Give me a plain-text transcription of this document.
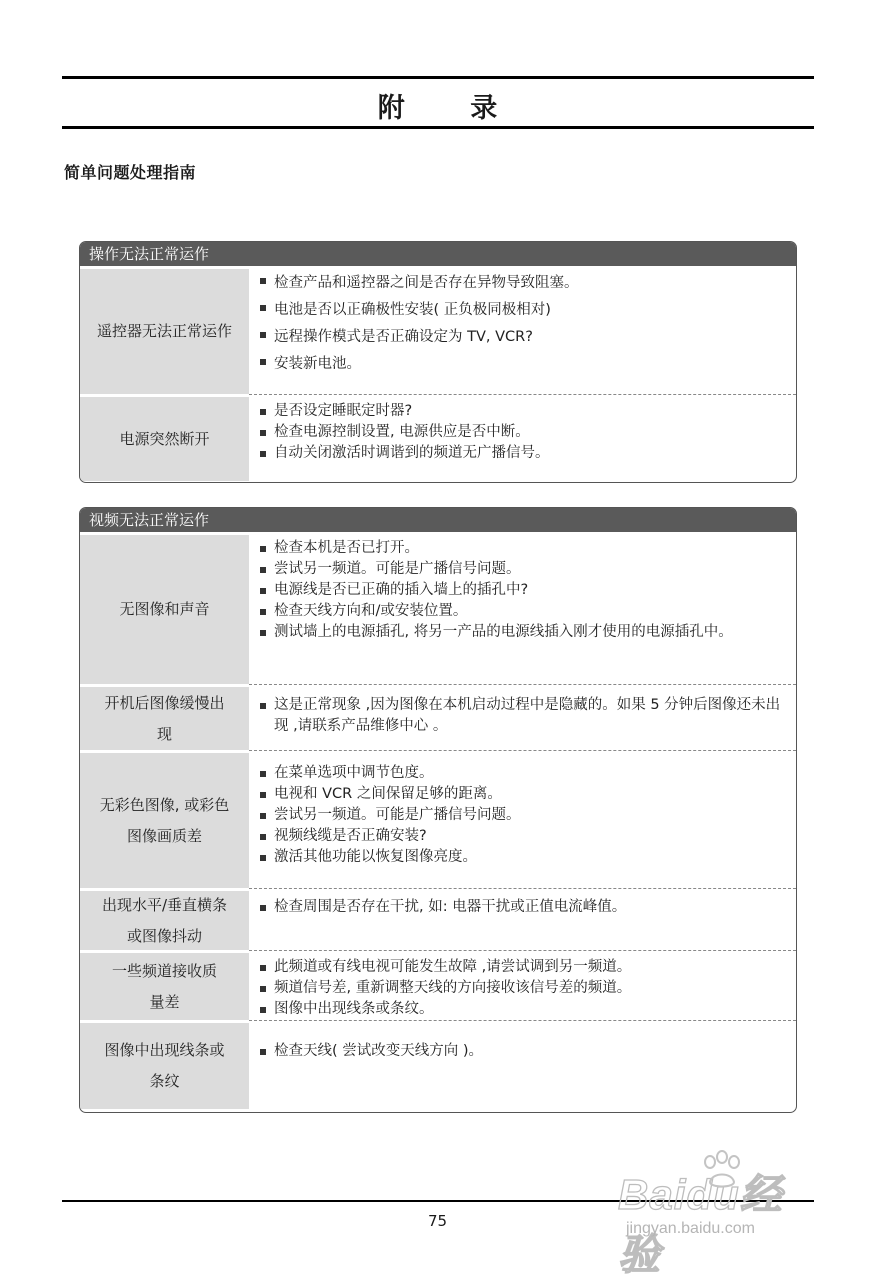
附 录
简单问题处理指南
操作无法正常运作
遥控器无法正常运作
检查产品和遥控器之间是否存在异物导致阻塞。
电池是否以正确极性安装( 正负极同极相对)
远程操作模式是否正确设定为 TV, VCR?
安装新电池。
电源突然断开
是否设定睡眠定时器?
检查电源控制设置, 电源供应是否中断。
自动关闭激活时调谐到的频道无广播信号。
视频无法正常运作
无图像和声音
检查本机是否已打开。
尝试另一频道。可能是广播信号问题。
电源线是否已正确的插入墙上的插孔中?
检查天线方向和/或安装位置。
测试墙上的电源插孔, 将另一产品的电源线插入刚才使用的电源插孔中。
开机后图像缓慢出现
这是正常现象 ,因为图像在本机启动过程中是隐藏的。如果 5 分钟后图像还未出现 ,请联系产品维修中心 。
无彩色图像, 或彩色图像画质差
在菜单选项中调节色度。
电视和 VCR 之间保留足够的距离。
尝试另一频道。可能是广播信号问题。
视频线缆是否正确安装?
激活其他功能以恢复图像亮度。
出现水平/垂直横条或图像抖动
检查周围是否存在干扰, 如: 电器干扰或正值电流峰值。
一些频道接收质量差
此频道或有线电视可能发生故障 ,请尝试调到另一频道。
频道信号差, 重新调整天线的方向接收该信号差的频道。
图像中出现线条或条纹。
图像中出现线条或条纹
检查天线( 尝试改变天线方向 )。
75
Baidu经验
jingyan.baidu.com
